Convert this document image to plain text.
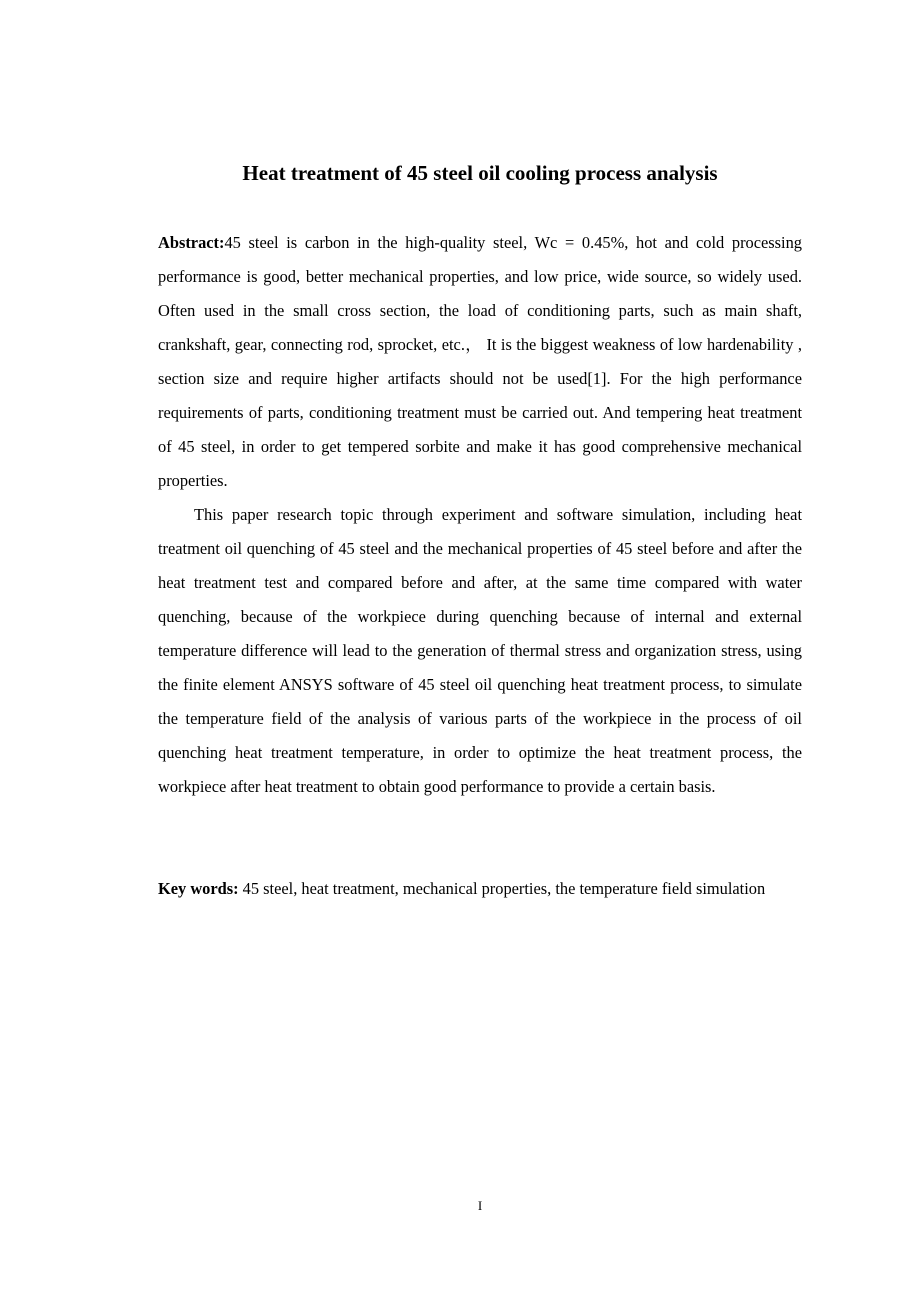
Heat treatment of 45 steel oil cooling process analysis

Abstract:45 steel is carbon in the high-quality steel, Wc = 0.45%, hot and cold processing performance is good, better mechanical properties, and low price, wide source, so widely used. Often used in the small cross section, the load of conditioning parts, such as main shaft, crankshaft, gear, connecting rod, sprocket, etc.， It is the biggest weakness of low hardenability , section size and require higher artifacts should not be used[1]. For the high performance requirements of parts, conditioning treatment must be carried out. And tempering heat treatment of 45 steel, in order to get tempered sorbite and make it has good comprehensive mechanical properties.

This paper research topic through experiment and software simulation, including heat treatment oil quenching of 45 steel and the mechanical properties of 45 steel before and after the heat treatment test and compared before and after, at the same time compared with water quenching, because of the workpiece during quenching because of internal and external temperature difference will lead to the generation of thermal stress and organization stress, using the finite element ANSYS software of 45 steel oil quenching heat treatment process, to simulate the temperature field of the analysis of various parts of the workpiece in the process of oil quenching heat treatment temperature, in order to optimize the heat treatment process, the workpiece after heat treatment to obtain good performance to provide a certain basis.

Key words: 45 steel, heat treatment, mechanical properties, the temperature field simulation

I
